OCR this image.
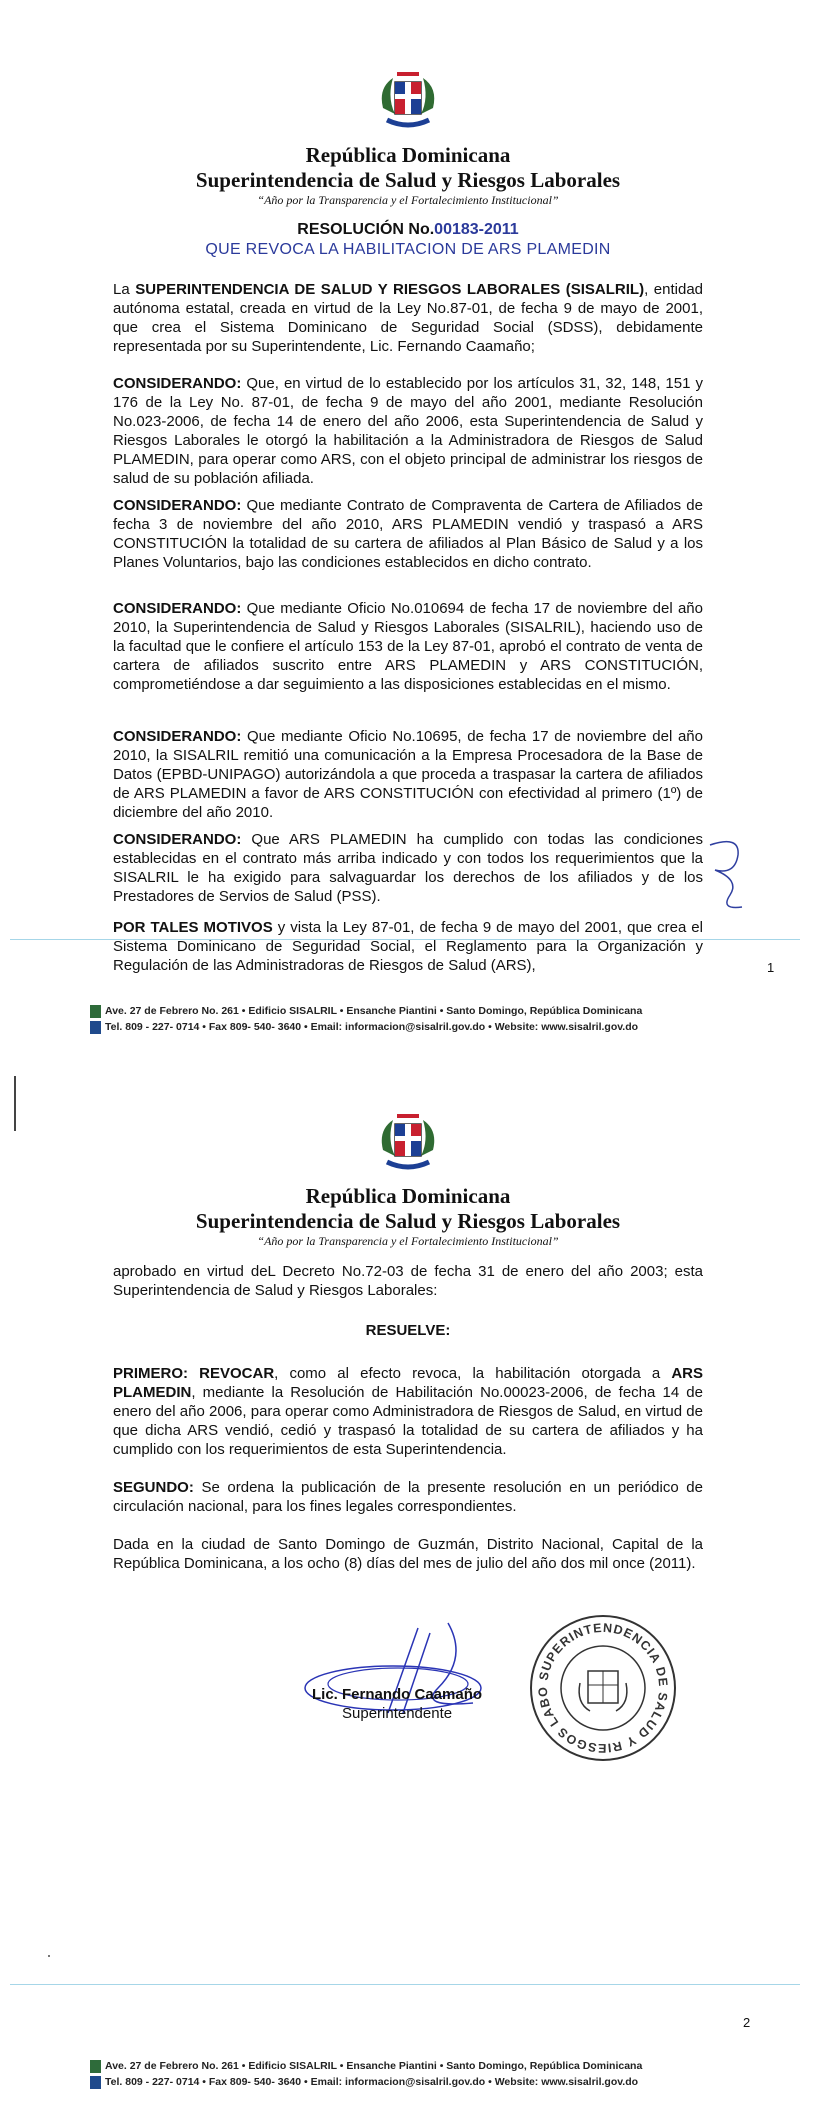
República Dominicana
Superintendencia de Salud y Riesgos Laborales
“Año por la Transparencia y el Fortalecimiento Institucional”
RESOLUCIÓN No.00183-2011
QUE REVOCA LA HABILITACION DE ARS PLAMEDIN
La SUPERINTENDENCIA DE SALUD Y RIESGOS LABORALES (SISALRIL), entidad autónoma estatal, creada en virtud de la Ley No.87-01, de fecha 9 de mayo de 2001, que crea el Sistema Dominicano de Seguridad Social (SDSS), debidamente representada por su Superintendente, Lic. Fernando Caamaño;
CONSIDERANDO: Que, en virtud de lo establecido por los artículos 31, 32, 148, 151 y 176 de la Ley No. 87-01, de fecha 9 de mayo del año 2001, mediante Resolución No.023-2006, de fecha 14 de enero del año 2006, esta Superintendencia de Salud y Riesgos Laborales le otorgó la habilitación a la Administradora de Riesgos de Salud PLAMEDIN, para operar como ARS, con el objeto principal de administrar los riesgos de salud de su población afiliada.
CONSIDERANDO: Que mediante Contrato de Compraventa de Cartera de Afiliados de fecha 3 de noviembre del año 2010, ARS PLAMEDIN vendió y traspasó a ARS CONSTITUCIÓN la totalidad de su cartera de afiliados al Plan Básico de Salud y a los Planes Voluntarios, bajo las condiciones establecidos en dicho contrato.
CONSIDERANDO: Que mediante Oficio No.010694 de fecha 17 de noviembre del año 2010, la Superintendencia de Salud y Riesgos Laborales (SISALRIL), haciendo uso de la facultad que le confiere el artículo 153 de la Ley 87-01, aprobó el contrato de venta de cartera de afiliados suscrito entre ARS PLAMEDIN y ARS CONSTITUCIÓN, comprometiéndose a dar seguimiento a las disposiciones establecidas en el mismo.
CONSIDERANDO: Que mediante Oficio No.10695, de fecha 17 de noviembre del año 2010, la SISALRIL remitió una comunicación a la Empresa Procesadora de la Base de Datos (EPBD-UNIPAGO) autorizándola a que proceda a traspasar la cartera de afiliados de ARS PLAMEDIN a favor de ARS CONSTITUCIÓN con efectividad al primero (1º) de diciembre del año 2010.
CONSIDERANDO: Que ARS PLAMEDIN ha cumplido con todas las condiciones establecidas en el contrato más arriba indicado y con todos los requerimientos que la SISALRIL le ha exigido para salvaguardar los derechos de los afiliados y de los Prestadores de Servios de Salud (PSS).
POR TALES MOTIVOS y vista la Ley 87-01, de fecha 9 de mayo del 2001, que crea el Sistema Dominicano de Seguridad Social, el Reglamento para la Organización y Regulación de las Administradoras de Riesgos de Salud (ARS),	1
Ave. 27 de Febrero No. 261 • Edificio SISALRIL • Ensanche Piantini • Santo Domingo, República Dominicana
Tel. 809 - 227- 0714 • Fax 809- 540- 3640 • Email: informacion@sisalril.gov.do • Website: www.sisalril.gov.do
República Dominicana
Superintendencia de Salud y Riesgos Laborales
“Año por la Transparencia y el Fortalecimiento Institucional”
aprobado en virtud deL Decreto No.72-03 de fecha 31 de enero del año 2003; esta Superintendencia de Salud y Riesgos Laborales:
RESUELVE:
PRIMERO: REVOCAR, como al efecto revoca, la habilitación otorgada a ARS PLAMEDIN, mediante la Resolución de Habilitación No.00023-2006, de fecha 14 de enero del año 2006, para operar como Administradora de Riesgos de Salud, en virtud de que dicha ARS vendió, cedió y traspasó la totalidad de su cartera de afiliados y ha cumplido con los requerimientos de esta Superintendencia.
SEGUNDO: Se ordena la publicación de la presente resolución en un periódico de circulación nacional, para los fines legales correspondientes.
Dada en la ciudad de Santo Domingo de Guzmán, Distrito Nacional, Capital de la República Dominicana, a los ocho (8) días del mes de julio del año dos mil once (2011).
Lic. Fernando Caamaño
Superintendente
SUPERINTENDENCIA DE SALUD Y RIESGOS LABO
2
Ave. 27 de Febrero No. 261 • Edificio SISALRIL • Ensanche Piantini • Santo Domingo, República Dominicana
Tel. 809 - 227- 0714 • Fax 809- 540- 3640 • Email: informacion@sisalril.gov.do • Website: www.sisalril.gov.do
